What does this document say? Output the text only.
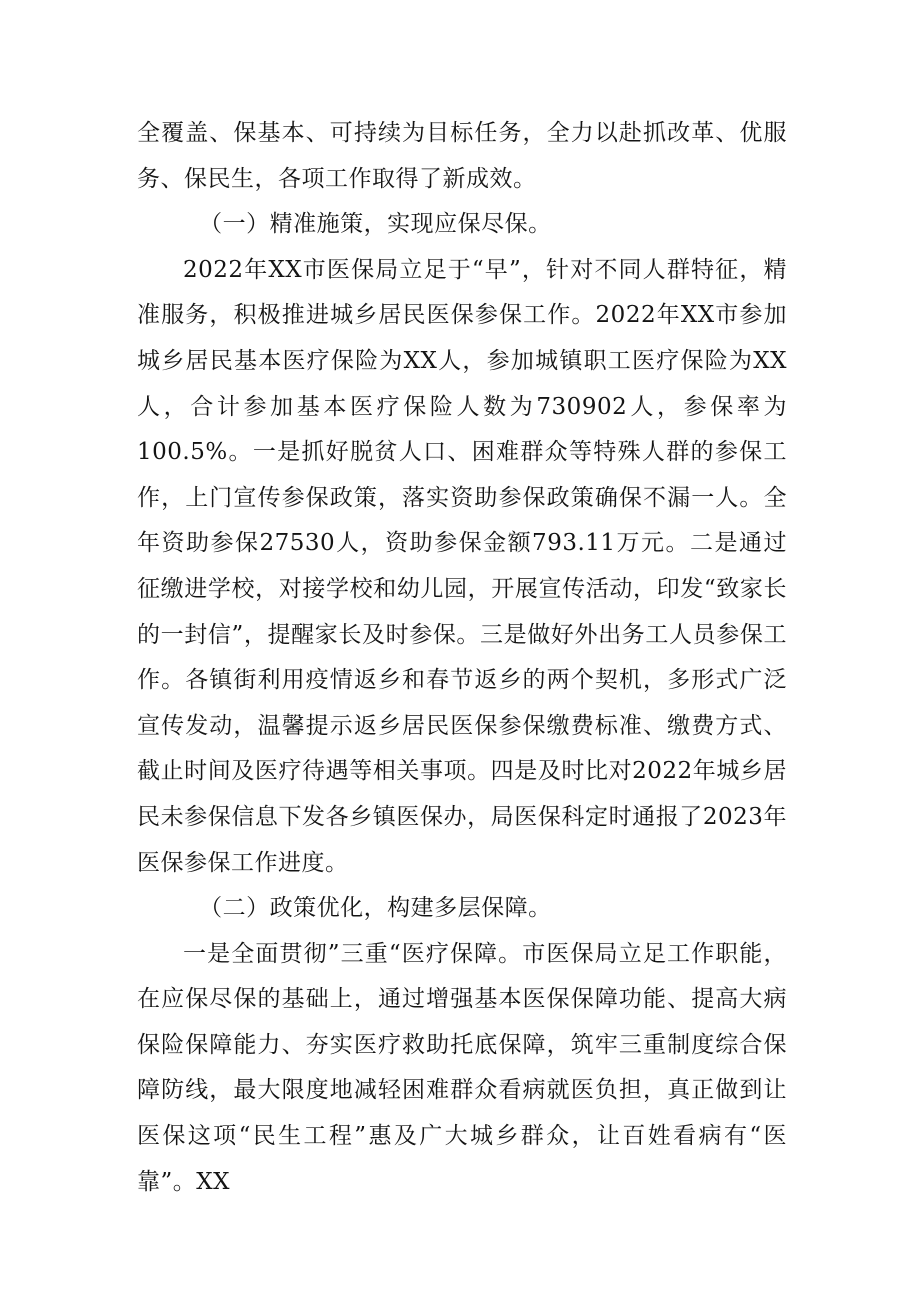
全覆盖、保基本、可持续为目标任务，全力以赴抓改革、优服务、保民生，各项工作取得了新成效。

（一）精准施策，实现应保尽保。

2022年XX市医保局立足于“早”，针对不同人群特征，精准服务，积极推进城乡居民医保参保工作。2022年XX市参加城乡居民基本医疗保险为XX人，参加城镇职工医疗保险为XX人，合计参加基本医疗保险人数为730902人，参保率为100.5%。一是抓好脱贫人口、困难群众等特殊人群的参保工作，上门宣传参保政策，落实资助参保政策确保不漏一人。全年资助参保27530人，资助参保金额793.11万元。二是通过征缴进学校，对接学校和幼儿园，开展宣传活动，印发“致家长的一封信”，提醒家长及时参保。三是做好外出务工人员参保工作。各镇街利用疫情返乡和春节返乡的两个契机，多形式广泛宣传发动，温馨提示返乡居民医保参保缴费标准、缴费方式、截止时间及医疗待遇等相关事项。四是及时比对2022年城乡居民未参保信息下发各乡镇医保办，局医保科定时通报了2023年医保参保工作进度。

（二）政策优化，构建多层保障。

一是全面贯彻”三重“医疗保障。市医保局立足工作职能，在应保尽保的基础上，通过增强基本医保保障功能、提高大病保险保障能力、夯实医疗救助托底保障，筑牢三重制度综合保障防线，最大限度地减轻困难群众看病就医负担，真正做到让医保这项“民生工程”惠及广大城乡群众，让百姓看病有“医靠”。XX
